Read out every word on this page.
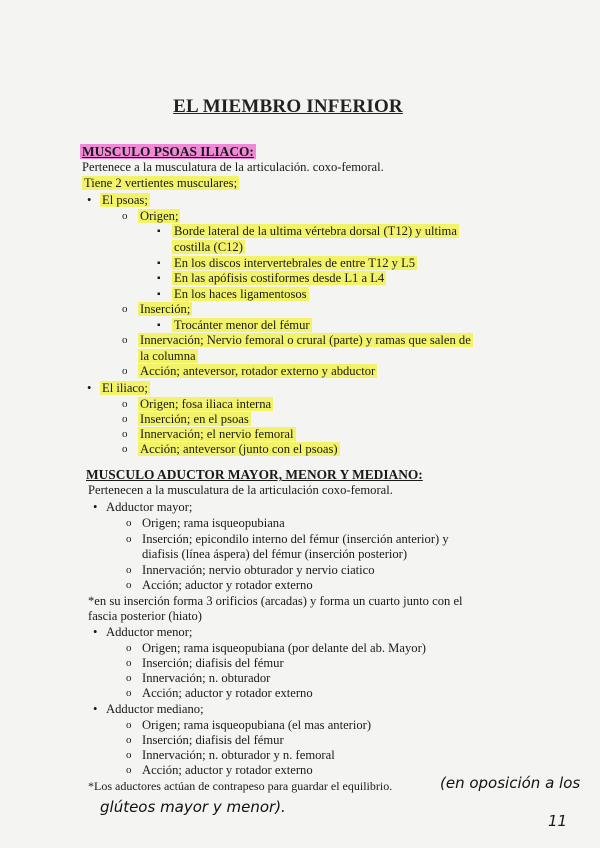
EL MIEMBRO INFERIOR
MUSCULO PSOAS ILIACO:
Pertenece a la musculatura de la articulación. coxo-femoral.
Tiene 2 vertientes musculares;
• El psoas;
o Origen;
▪ Borde lateral de la ultima vértebra dorsal (T12) y ultima
costilla (C12)
▪ En los discos intervertebrales de entre T12 y L5
▪ En las apófisis costiformes desde L1 a L4
▪ En los haces ligamentosos
o Inserción;
▪ Trocánter menor del fémur
o Innervación; Nervio femoral o crural (parte) y ramas que salen de
la columna
o Acción; anteversor, rotador externo y abductor
• El iliaco;
o Origen; fosa iliaca interna
o Inserción; en el psoas
o Innervación; el nervio femoral
o Acción; anteversor (junto con el psoas)
MUSCULO ADUCTOR MAYOR, MENOR Y MEDIANO:
Pertenecen a la musculatura de la articulación coxo-femoral.
• Adductor mayor;
o Origen; rama isqueopubiana
o Inserción; epicondilo interno del fémur (inserción anterior) y
diafisis (línea áspera) del fémur (inserción posterior)
o Innervación; nervio obturador y nervio ciatico
o Acción; aductor y rotador externo
*en su inserción forma 3 orificios (arcadas) y forma un cuarto junto con el
fascia posterior (hiato)
• Adductor menor;
o Origen; rama isqueopubiana (por delante del ab. Mayor)
o Inserción; diafisis del fémur
o Innervación; n. obturador
o Acción; aductor y rotador externo
• Adductor mediano;
o Origen; rama isqueopubiana (el mas anterior)
o Inserción; diafisis del fémur
o Innervación; n. obturador y n. femoral
o Acción; aductor y rotador externo
*Los aductores actúan de contrapeso para guardar el equilibrio.	(en oposición a los
glúteos mayor y menor).
11
